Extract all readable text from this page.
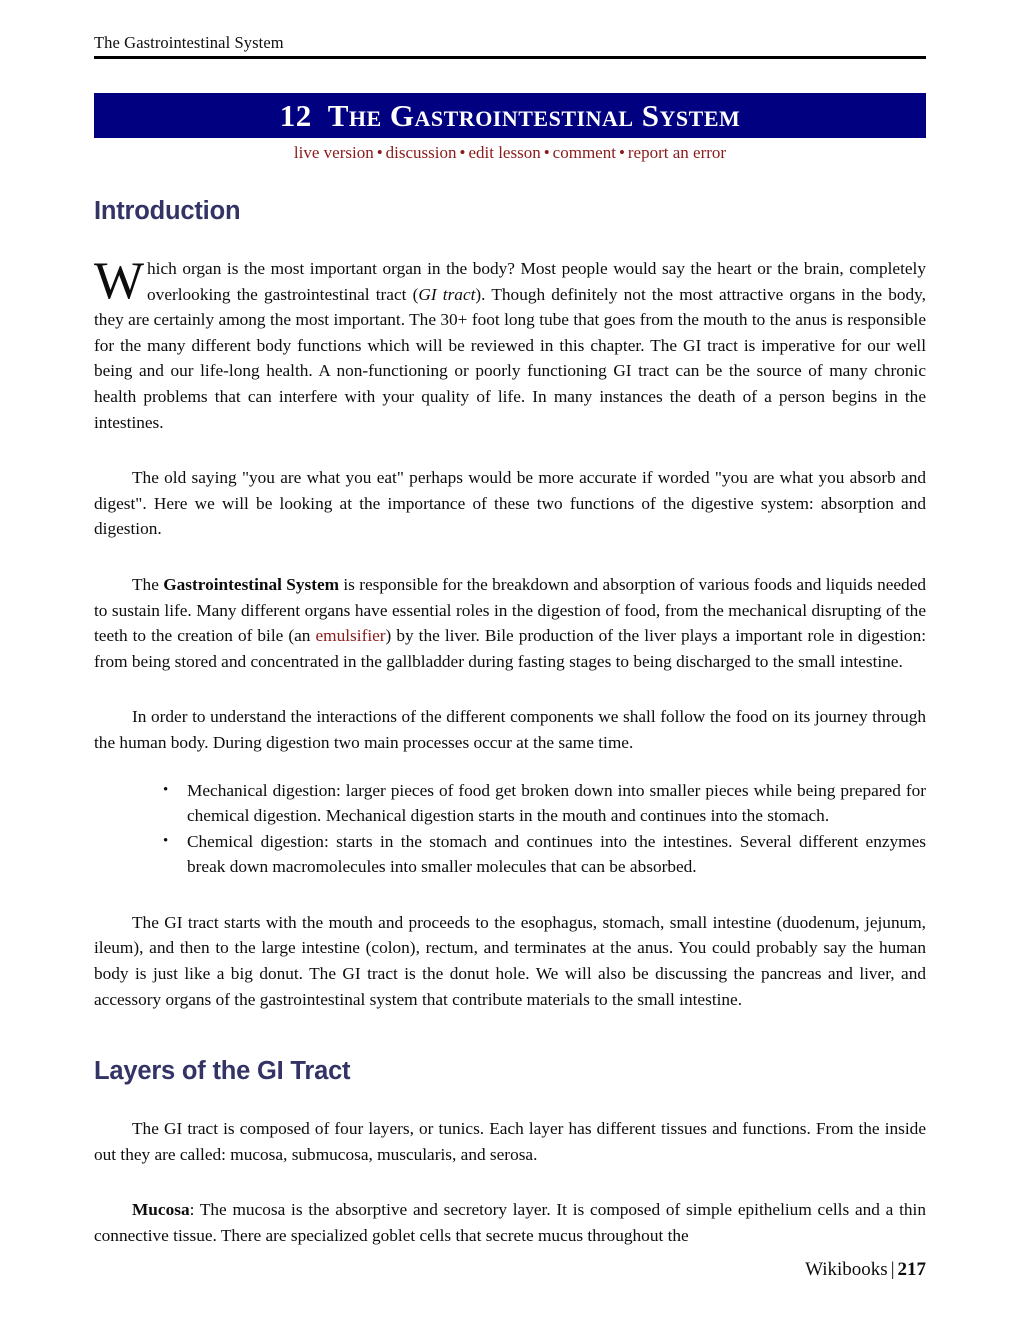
The Gastrointestinal System
12 The Gastrointestinal System
live version • discussion • edit lesson • comment • report an error
Introduction

Which organ is the most important organ in the body? Most people would say the heart or the brain, completely overlooking the gastrointestinal tract (GI tract). Though definitely not the most attractive organs in the body, they are certainly among the most important. The 30+ foot long tube that goes from the mouth to the anus is responsible for the many different body functions which will be reviewed in this chapter. The GI tract is imperative for our well being and our life-long health. A non-functioning or poorly functioning GI tract can be the source of many chronic health problems that can interfere with your quality of life. In many instances the death of a person begins in the intestines.

The old saying "you are what you eat" perhaps would be more accurate if worded "you are what you absorb and digest". Here we will be looking at the importance of these two functions of the digestive system: absorption and digestion.

The Gastrointestinal System is responsible for the breakdown and absorption of various foods and liquids needed to sustain life. Many different organs have essential roles in the digestion of food, from the mechanical disrupting of the teeth to the creation of bile (an emulsifier) by the liver. Bile production of the liver plays a important role in digestion: from being stored and concentrated in the gallbladder during fasting stages to being discharged to the small intestine.

In order to understand the interactions of the different components we shall follow the food on its journey through the human body. During digestion two main processes occur at the same time.

• Mechanical digestion: larger pieces of food get broken down into smaller pieces while being prepared for chemical digestion. Mechanical digestion starts in the mouth and continues into the stomach.
• Chemical digestion: starts in the stomach and continues into the intestines. Several different enzymes break down macromolecules into smaller molecules that can be absorbed.

The GI tract starts with the mouth and proceeds to the esophagus, stomach, small intestine (duodenum, jejunum, ileum), and then to the large intestine (colon), rectum, and terminates at the anus. You could probably say the human body is just like a big donut. The GI tract is the donut hole. We will also be discussing the pancreas and liver, and accessory organs of the gastrointestinal system that contribute materials to the small intestine.

Layers of the GI Tract

The GI tract is composed of four layers, or tunics. Each layer has different tissues and functions. From the inside out they are called: mucosa, submucosa, muscularis, and serosa.

Mucosa: The mucosa is the absorptive and secretory layer. It is composed of simple epithelium cells and a thin connective tissue. There are specialized goblet cells that secrete mucus throughout the

Wikibooks | 217
